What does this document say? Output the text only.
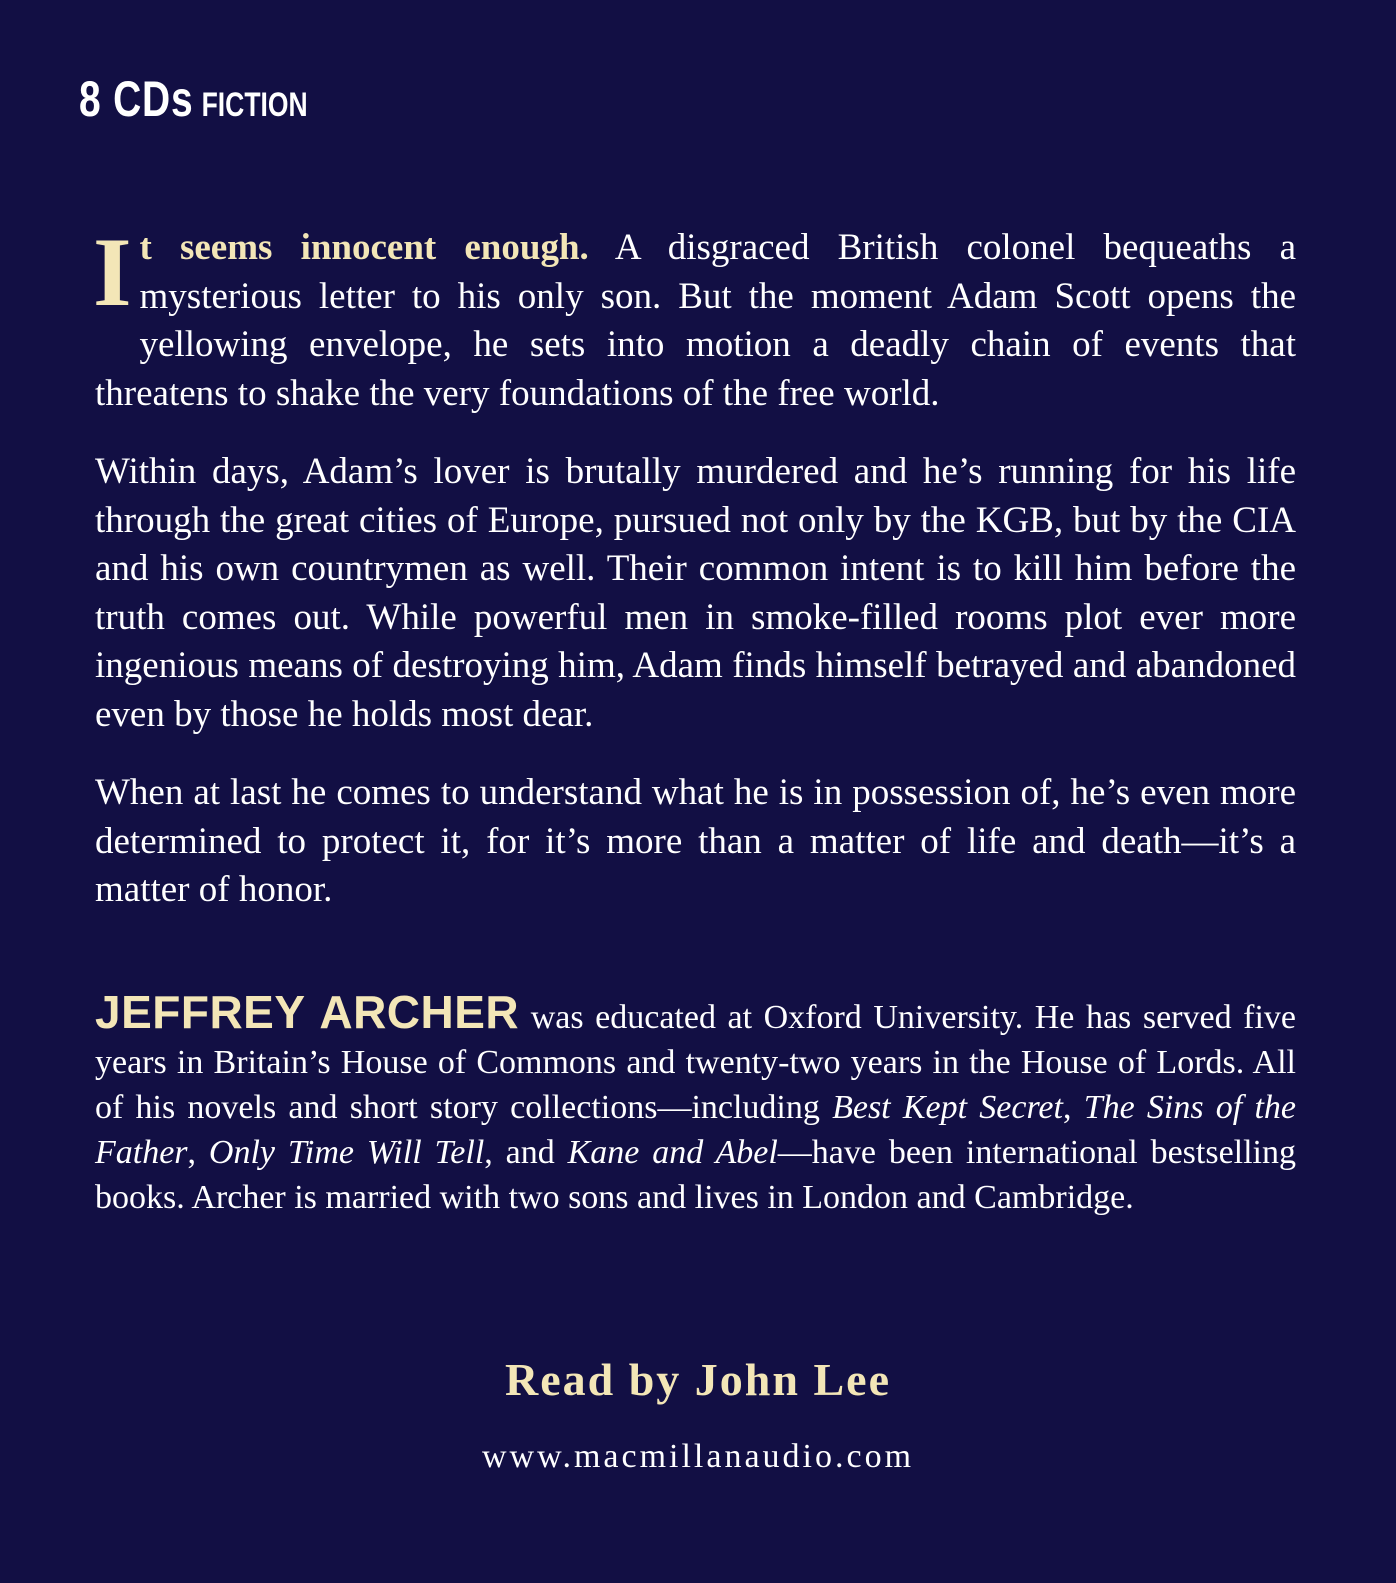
8 CDs FICTION

It seems innocent enough. A disgraced British colonel bequeaths a mysterious letter to his only son. But the moment Adam Scott opens the yellowing envelope, he sets into motion a deadly chain of events that threatens to shake the very foundations of the free world.

Within days, Adam’s lover is brutally murdered and he’s running for his life through the great cities of Europe, pursued not only by the KGB, but by the CIA and his own countrymen as well. Their common intent is to kill him before the truth comes out. While powerful men in smoke-filled rooms plot ever more ingenious means of destroying him, Adam finds himself betrayed and abandoned even by those he holds most dear.

When at last he comes to understand what he is in possession of, he’s even more determined to protect it, for it’s more than a matter of life and death—it’s a matter of honor.

JEFFREY ARCHER was educated at Oxford University. He has served five years in Britain’s House of Commons and twenty-two years in the House of Lords. All of his novels and short story collections—including Best Kept Secret, The Sins of the Father, Only Time Will Tell, and Kane and Abel—have been international bestselling books. Archer is married with two sons and lives in London and Cambridge.

Read by John Lee

www.macmillanaudio.com
